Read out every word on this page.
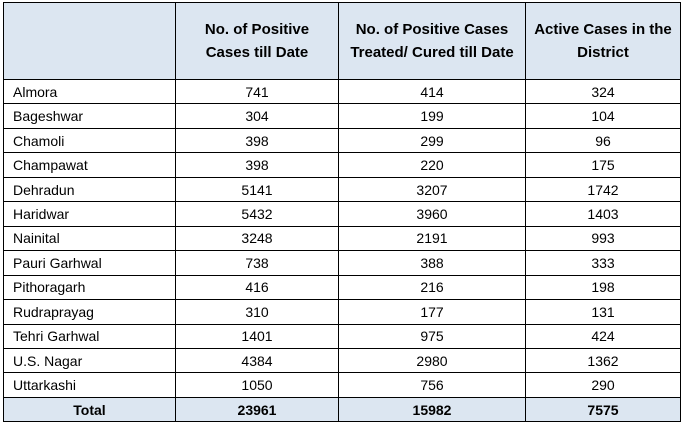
	No. of Positive Cases till Date	No. of Positive Cases Treated/ Cured till Date	Active Cases in the District
Almora	741	414	324
Bageshwar	304	199	104
Chamoli	398	299	96
Champawat	398	220	175
Dehradun	5141	3207	1742
Haridwar	5432	3960	1403
Nainital	3248	2191	993
Pauri Garhwal	738	388	333
Pithoragarh	416	216	198
Rudraprayag	310	177	131
Tehri Garhwal	1401	975	424
U.S. Nagar	4384	2980	1362
Uttarkashi	1050	756	290
Total	23961	15982	7575
